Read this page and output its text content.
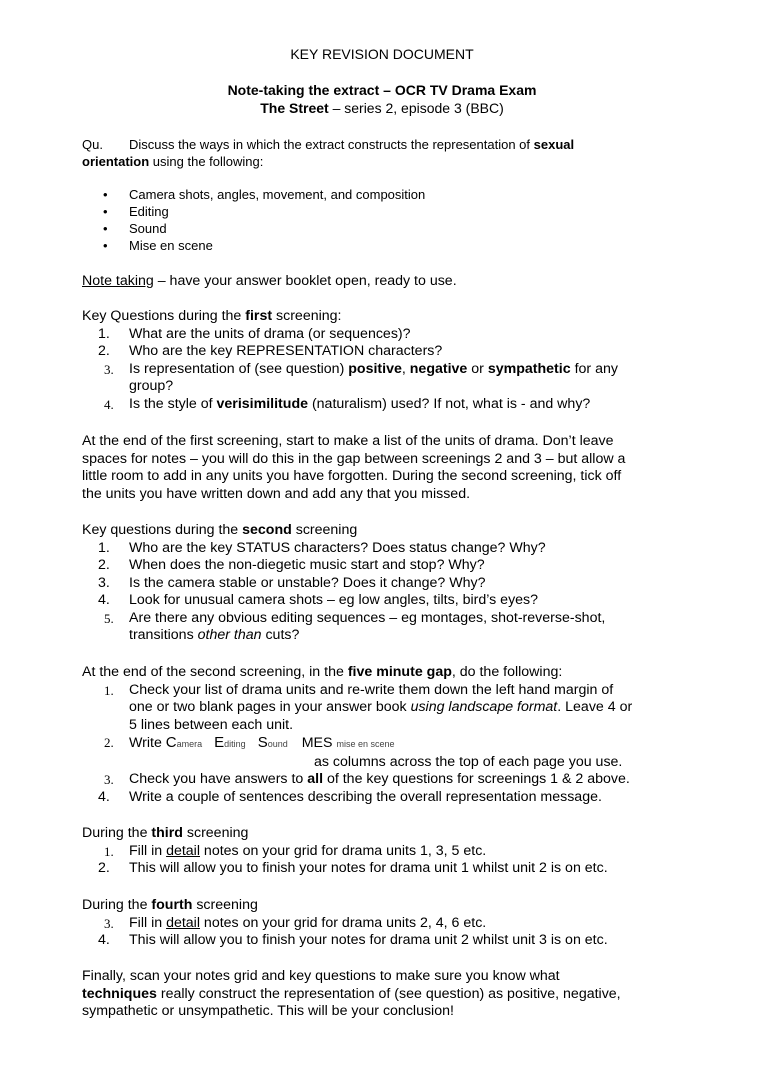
KEY REVISION DOCUMENT
Note-taking the extract – OCR TV Drama Exam
The Street – series 2, episode 3 (BBC)
Qu. Discuss the ways in which the extract constructs the representation of sexual
orientation using the following:
• Camera shots, angles, movement, and composition
• Editing
• Sound
• Mise en scene
Note taking – have your answer booklet open, ready to use.
Key Questions during the first screening:
1.	What are the units of drama (or sequences)?
2.	Who are the key REPRESENTATION characters?
3.	Is representation of (see question) positive, negative or sympathetic for any
group?
4.	Is the style of verisimilitude (naturalism) used? If not, what is - and why?

At the end of the first screening, start to make a list of the units of drama. Don’t leave

spaces for notes – you will do this in the gap between screenings 2 and 3 – but allow a

little room to add in any units you have forgotten. During the second screening, tick off

the units you have written down and add any that you missed.

Key questions during the second screening
1.	Who are the key STATUS characters? Does status change? Why?
2.	When does the non-diegetic music start and stop? Why?
3.	Is the camera stable or unstable? Does it change? Why?
4.	Look for unusual camera shots – eg low angles, tilts, bird’s eyes?
5.	Are there any obvious editing sequences – eg montages, shot-reverse-shot,
transitions other than cuts?
At the end of the second screening, in the five minute gap, do the following:
1.	Check your list of drama units and re-write them down the left hand margin of
one or two blank pages in your answer book using landscape format. Leave 4 or
5 lines between each unit.
2.	Write Camera Editing Sound MES mise en scene
as columns across the top of each page you use.
3.	Check you have answers to all of the key questions for screenings 1 & 2 above.
4.	Write a couple of sentences describing the overall representation message.
During the third screening
1.	Fill in detail notes on your grid for drama units 1, 3, 5 etc.
2.	This will allow you to finish your notes for drama unit 1 whilst unit 2 is on etc.
During the fourth screening
3.	Fill in detail notes on your grid for drama units 2, 4, 6 etc.
4.	This will allow you to finish your notes for drama unit 2 whilst unit 3 is on etc.

Finally, scan your notes grid and key questions to make sure you know what

techniques really construct the representation of (see question) as positive, negative,

sympathetic or unsympathetic. This will be your conclusion!
